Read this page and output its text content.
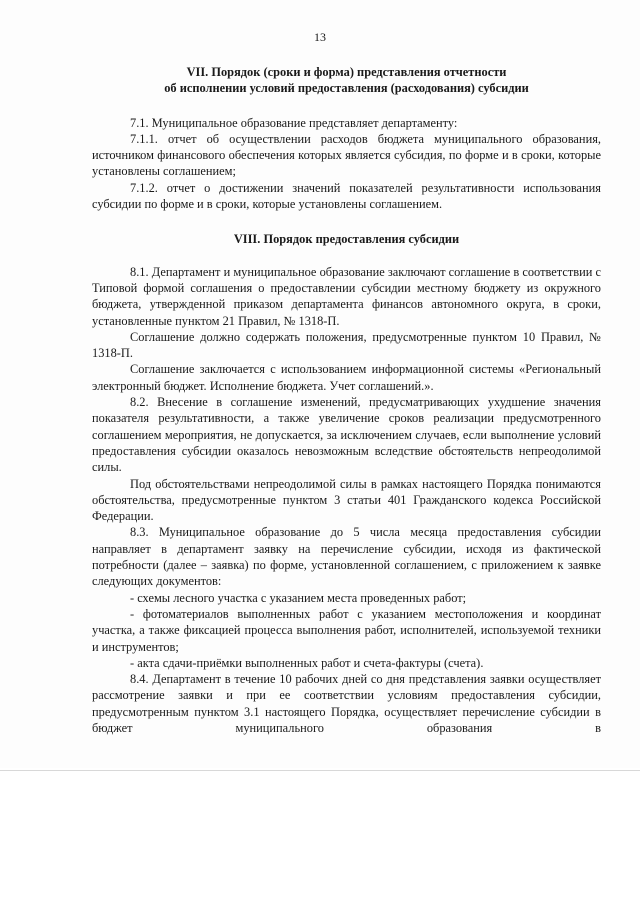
13
VII. Порядок (сроки и форма) представления отчетности
об исполнении условий предоставления (расходования) субсидии

7.1. Муниципальное образование представляет департаменту:

7.1.1. отчет об осуществлении расходов бюджета муниципального образования, источником финансового обеспечения которых является субсидия, по форме и в сроки, которые установлены соглашением;

7.1.2. отчет о достижении значений показателей результативности использования субсидии по форме и в сроки, которые установлены соглашением.

VIII. Порядок предоставления субсидии

8.1. Департамент и муниципальное образование заключают соглашение в соответствии с Типовой формой соглашения о предоставлении субсидии местному бюджету из окружного бюджета, утвержденной приказом департамента финансов автономного округа, в сроки, установленные пунктом 21 Правил, № 1318-П.

Соглашение должно содержать положения, предусмотренные пунктом 10 Правил, № 1318-П.

Соглашение заключается с использованием информационной системы «Региональный электронный бюджет. Исполнение бюджета. Учет соглашений.».

8.2. Внесение в соглашение изменений, предусматривающих ухудшение значения показателя результативности, а также увеличение сроков реализации предусмотренного соглашением мероприятия, не допускается, за исключением случаев, если выполнение условий предоставления субсидии оказалось невозможным вследствие обстоятельств непреодолимой силы.

Под обстоятельствами непреодолимой силы в рамках настоящего Порядка понимаются обстоятельства, предусмотренные пунктом 3 статьи 401 Гражданского кодекса Российской Федерации.

8.3. Муниципальное образование до 5 числа месяца предоставления субсидии направляет в департамент заявку на перечисление субсидии, исходя из фактической потребности (далее – заявка) по форме, установленной соглашением, с приложением к заявке следующих документов:

- схемы лесного участка с указанием места проведенных работ;

- фотоматериалов выполненных работ с указанием местоположения и координат участка, а также фиксацией процесса выполнения работ, исполнителей, используемой техники и инструментов;

- акта сдачи-приёмки выполненных работ и счета-фактуры (счета).

8.4. Департамент в течение 10 рабочих дней со дня представления заявки осуществляет рассмотрение заявки и при ее соответствии условиям предоставления субсидии, предусмотренным пунктом 3.1 настоящего Порядка, осуществляет перечисление субсидии в бюджет муниципального образования в
